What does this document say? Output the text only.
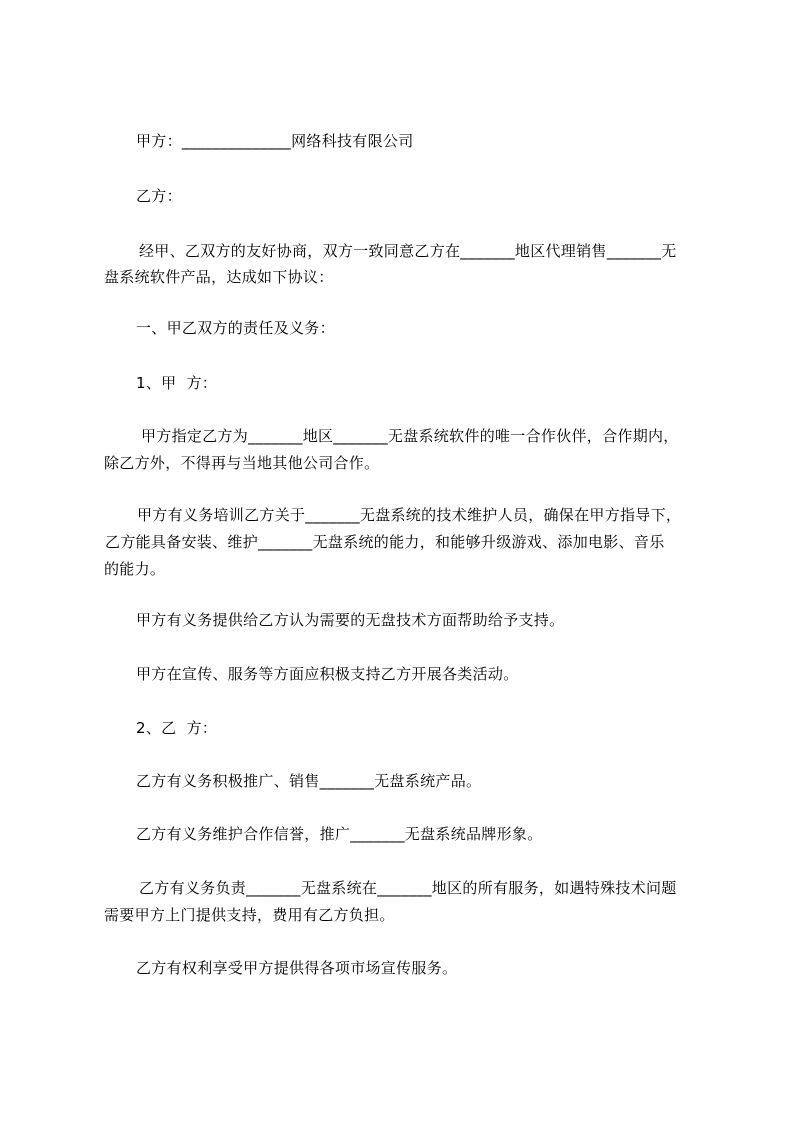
甲方：______________网络科技有限公司

乙方：

经甲、乙双方的友好协商，双方一致同意乙方在_______地区代理销售_______无

盘系统软件产品，达成如下协议：

一、甲乙双方的责任及义务：

1、甲  方：

甲方指定乙方为_______地区_______无盘系统软件的唯一合作伙伴，合作期内，

除乙方外，不得再与当地其他公司合作。

甲方有义务培训乙方关于_______无盘系统的技术维护人员，确保在甲方指导下，

乙方能具备安装、维护_______无盘系统的能力，和能够升级游戏、添加电影、音乐

的能力。

甲方有义务提供给乙方认为需要的无盘技术方面帮助给予支持。

甲方在宣传、服务等方面应积极支持乙方开展各类活动。

2、乙  方：

乙方有义务积极推广、销售_______无盘系统产品。

乙方有义务维护合作信誉，推广_______无盘系统品牌形象。

乙方有义务负责_______无盘系统在_______地区的所有服务，如遇特殊技术问题

需要甲方上门提供支持，费用有乙方负担。

乙方有权利享受甲方提供得各项市场宣传服务。
